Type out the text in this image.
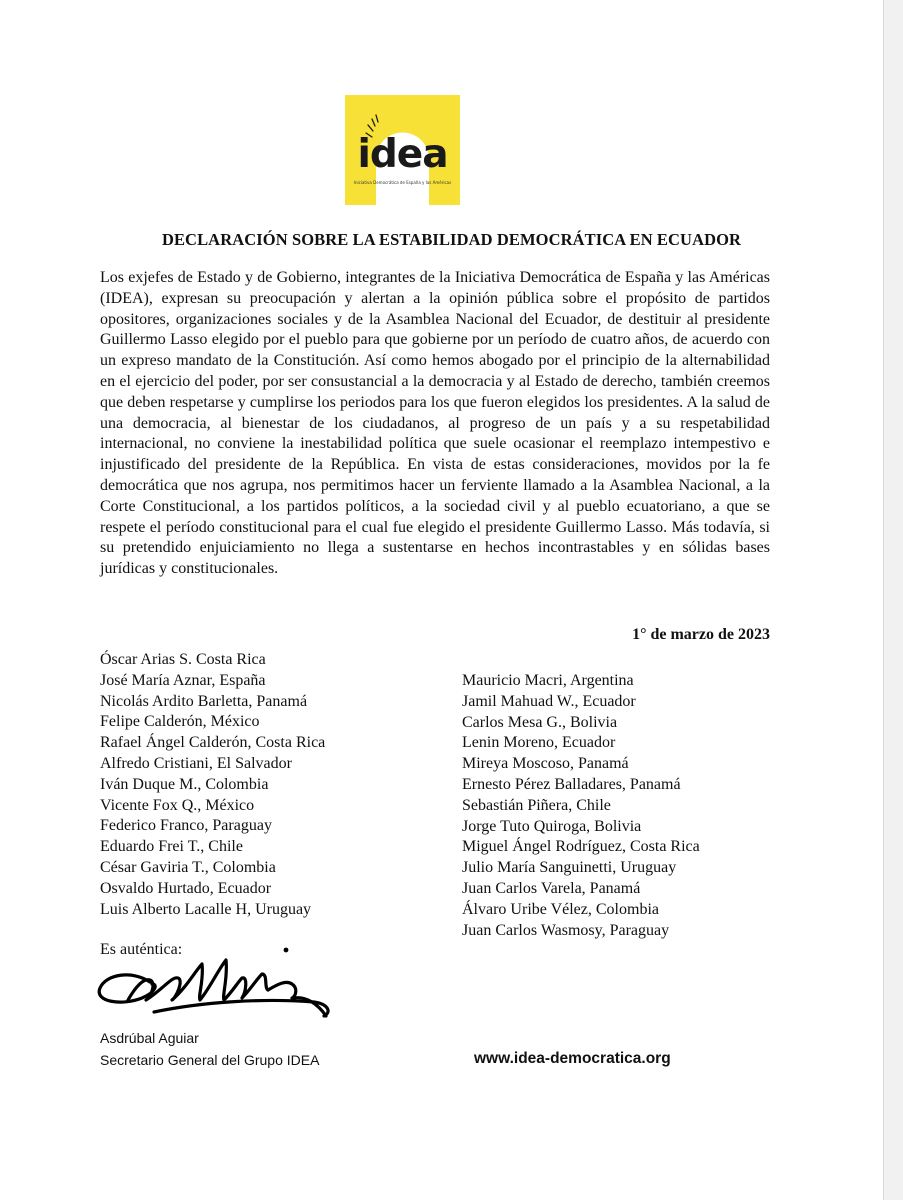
idea
Iniciativa Democrática de España y las Américas
DECLARACIÓN SOBRE LA ESTABILIDAD DEMOCRÁTICA EN ECUADOR

Los exjefes de Estado y de Gobierno, integrantes de la Iniciativa Democrática de España y las Américas (IDEA), expresan su preocupación y alertan a la opinión pública sobre el propósito de partidos opositores, organizaciones sociales y de la Asamblea Nacional del Ecuador, de destituir al presidente Guillermo Lasso elegido por el pueblo para que gobierne por un período de cuatro años, de acuerdo con un expreso mandato de la Constitución. Así como hemos abogado por el principio de la alternabilidad en el ejercicio del poder, por ser consustancial a la democracia y al Estado de derecho, también creemos que deben respetarse y cumplirse los periodos para los que fueron elegidos los presidentes. A la salud de una democracia, al bienestar de los ciudadanos, al progreso de un país y a su respetabilidad internacional, no conviene la inestabilidad política que suele ocasionar el reemplazo intempestivo e injustificado del presidente de la República. En vista de estas consideraciones, movidos por la fe democrática que nos agrupa, nos permitimos hacer un ferviente llamado a la Asamblea Nacional, a la Corte Constitucional, a los partidos políticos, a la sociedad civil y al pueblo ecuatoriano, a que se respete el período constitucional para el cual fue elegido el presidente Guillermo Lasso. Más todavía, si su pretendido enjuiciamiento no llega a sustentarse en hechos incontrastables y en sólidas bases jurídicas y constitucionales.

1° de marzo de 2023
Óscar Arias S. Costa Rica
José María Aznar, España
Nicolás Ardito Barletta, Panamá
Felipe Calderón, México
Rafael Ángel Calderón, Costa Rica
Alfredo Cristiani, El Salvador
Iván Duque M., Colombia
Vicente Fox Q., México
Federico Franco, Paraguay
Eduardo Frei T., Chile
César Gaviria T., Colombia
Osvaldo Hurtado, Ecuador
Luis Alberto Lacalle H, Uruguay
Mauricio Macri, Argentina
Jamil Mahuad W., Ecuador
Carlos Mesa G., Bolivia
Lenin Moreno, Ecuador
Mireya Moscoso, Panamá
Ernesto Pérez Balladares, Panamá
Sebastián Piñera, Chile
Jorge Tuto Quiroga, Bolivia
Miguel Ángel Rodríguez, Costa Rica
Julio María Sanguinetti, Uruguay
Juan Carlos Varela, Panamá
Álvaro Uribe Vélez, Colombia
Juan Carlos Wasmosy, Paraguay
Es auténtica:
Asdrúbal Aguiar
Secretario General del Grupo IDEA	www.idea-democratica.org
